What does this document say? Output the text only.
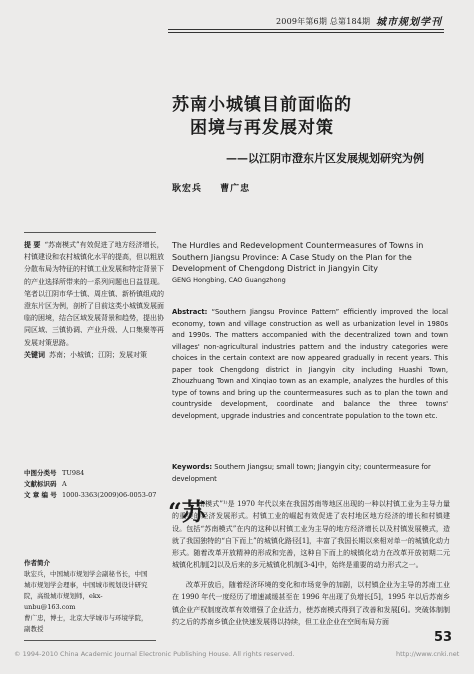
2009年第6期 总第184期 城市规划学刊
苏南小城镇目前面临的
困境与再发展对策
——以江阴市澄东片区发展规划研究为例
耿宏兵 曹广忠
提 要 “苏南模式”有效促进了地方经济增长，村镇建设和农村城镇化水平的提高，但以粗放分散布局为特征的村镇工业发展和特定背景下的产业选择所带来的一系列问题也日益显现。笔者以江阴市华士镇、周庄镇、新桥镇组成的澄东片区为例，剖析了目前这类小城镇发展面临的困境，结合区域发展背景和趋势，提出协同区域、三镇协调、产业升级、人口集聚等再发展对策思路。
关键词 苏南；小城镇；江阴；发展对策
中图分类号 TU984
文献标识码 A
文 章 编 号 1000-3363(2009)06-0053-07
作者简介
耿宏兵，中国城市规划学会副秘书长，中国城市规划学会理事，中国城市规划设计研究院，高级城市规划师，ekx-unbu@163.com
曹广忠，博士，北京大学城市与环境学院，副教授
The Hurdles and Redevelopment Countermeasures of Towns in Southern Jiangsu Province: A Case Study on the Plan for the Development of Chengdong District in Jiangyin City
GENG Hongbing, CAO Guangzhong
Abstract: “Southern Jiangsu Province Pattern” efficiently improved the local economy, town and village construction as well as urbanization level in 1980s and 1990s. The matters accompanied with the decentralized town and town villages' non-agricultural industries pattern and the industry categories were choices in the certain context are now appeared gradually in recent years. This paper took Chengdong district in Jiangyin city including Huashi Town, Zhouzhuang Town and Xinqiao town as an example, analyzes the hurdles of this type of towns and bring up the countermeasures such as to plan the town and countryside development, coordinate and balance the three towns' development, upgrade industries and concentrate population to the town etc.
Keywords: Southern Jiangsu; small town; Jiangyin city; countermeasure for development
“苏
南模式”¹⁾是 1970 年代以来在我国苏南等地区出现的一种以村镇工业为主导力量的重要的经济发展形式。村镇工业的崛起有效促进了农村地区地方经济的增长和村镇建设。包括“苏南模式”在内的这种以村镇工业为主导的地方经济增长以及村镇发展模式，造就了我国独特的“自下而上”的城镇化路径[1]，丰富了我国长期以来相对单一的城镇化动力形式。随着改革开放精神的形成和完善，这种自下而上的城镇化动力在改革开放初期二元城镇化机制[2]以及后来的多元城镇化机制[3-4]中，始终是重要的动力形式之一。
改革开放后，随着经济环境的变化和市场竞争的加剧，以村镇企业为主导的苏南工业在 1990 年代一度经历了增速减缓甚至在 1996 年出现了负增长[5]，1995 年以后苏南乡镇企业产权制度改革有效增强了企业活力，使苏南模式得到了改善和发展[6]。突破体制制约之后的苏南乡镇企业快速发展得以持续，但工业企业在空间布局方面
53
© 1994-2010 China Academic Journal Electronic Publishing House. All rights reserved.	http://www.cnki.net
